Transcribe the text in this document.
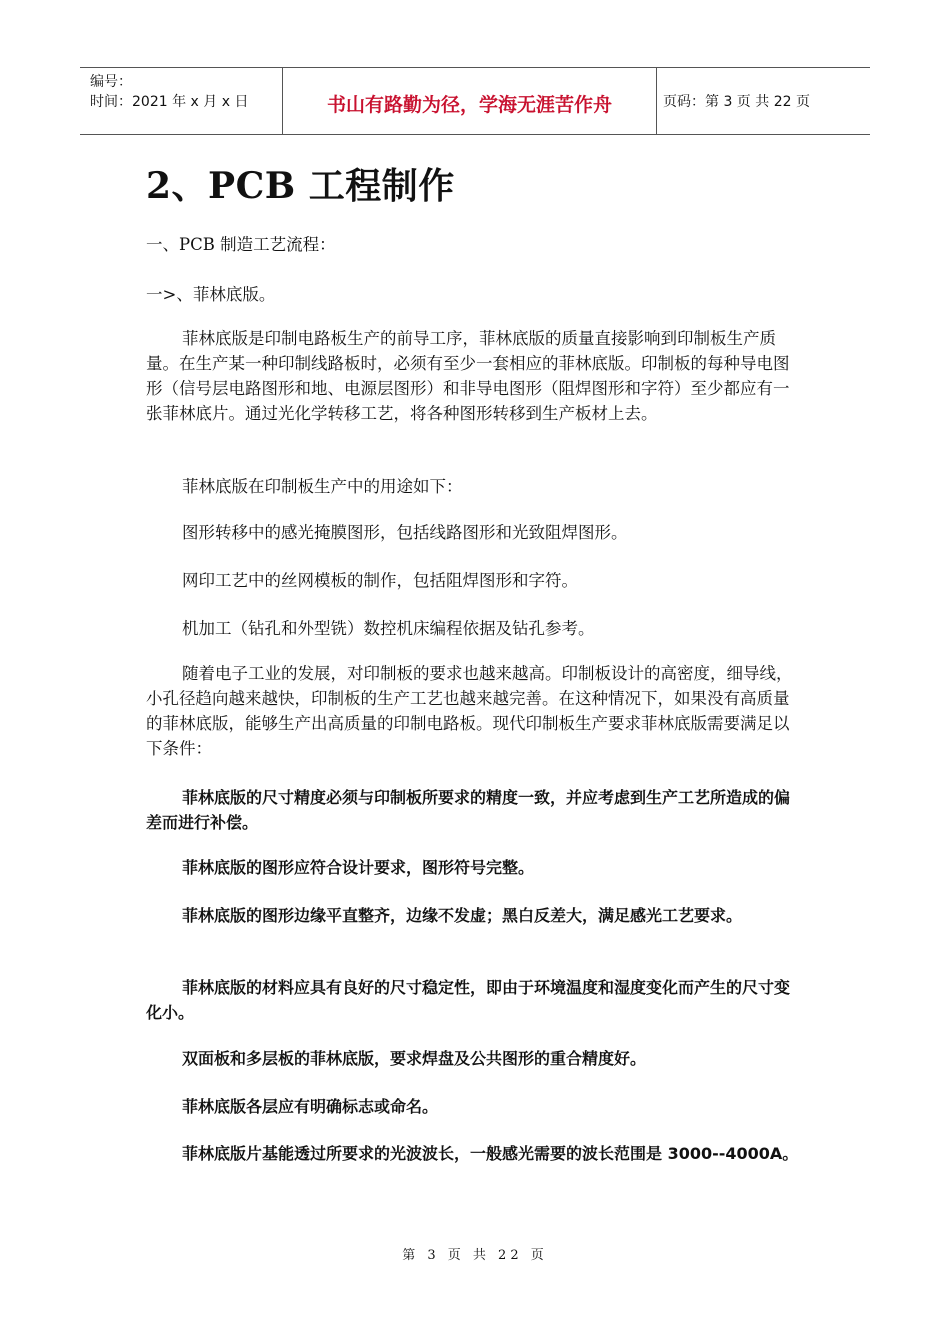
编号：
时间：2021 年 x 月 x 日	书山有路勤为径，学海无涯苦作舟	页码：第 3 页 共 22 页
2、PCB 工程制作

一、PCB 制造工艺流程：

一>、菲林底版。

菲林底版是印制电路板生产的前导工序，菲林底版的质量直接影响到印制板生产质量。在生产某一种印制线路板时，必须有至少一套相应的菲林底版。印制板的每种导电图形（信号层电路图形和地、电源层图形）和非导电图形（阻焊图形和字符）至少都应有一张菲林底片。通过光化学转移工艺，将各种图形转移到生产板材上去。

菲林底版在印制板生产中的用途如下：

图形转移中的感光掩膜图形，包括线路图形和光致阻焊图形。

网印工艺中的丝网模板的制作，包括阻焊图形和字符。

机加工（钻孔和外型铣）数控机床编程依据及钻孔参考。

随着电子工业的发展，对印制板的要求也越来越高。印制板设计的高密度，细导线，小孔径趋向越来越快，印制板的生产工艺也越来越完善。在这种情况下，如果没有高质量的菲林底版，能够生产出高质量的印制电路板。现代印制板生产要求菲林底版需要满足以下条件：

菲林底版的尺寸精度必须与印制板所要求的精度一致，并应考虑到生产工艺所造成的偏差而进行补偿。

菲林底版的图形应符合设计要求，图形符号完整。

菲林底版的图形边缘平直整齐，边缘不发虚；黑白反差大，满足感光工艺要求。

菲林底版的材料应具有良好的尺寸稳定性，即由于环境温度和湿度变化而产生的尺寸变化小。

双面板和多层板的菲林底版，要求焊盘及公共图形的重合精度好。

菲林底版各层应有明确标志或命名。

菲林底版片基能透过所要求的光波波长，一般感光需要的波长范围是 3000--4000A。

第 3 页 共 22 页
